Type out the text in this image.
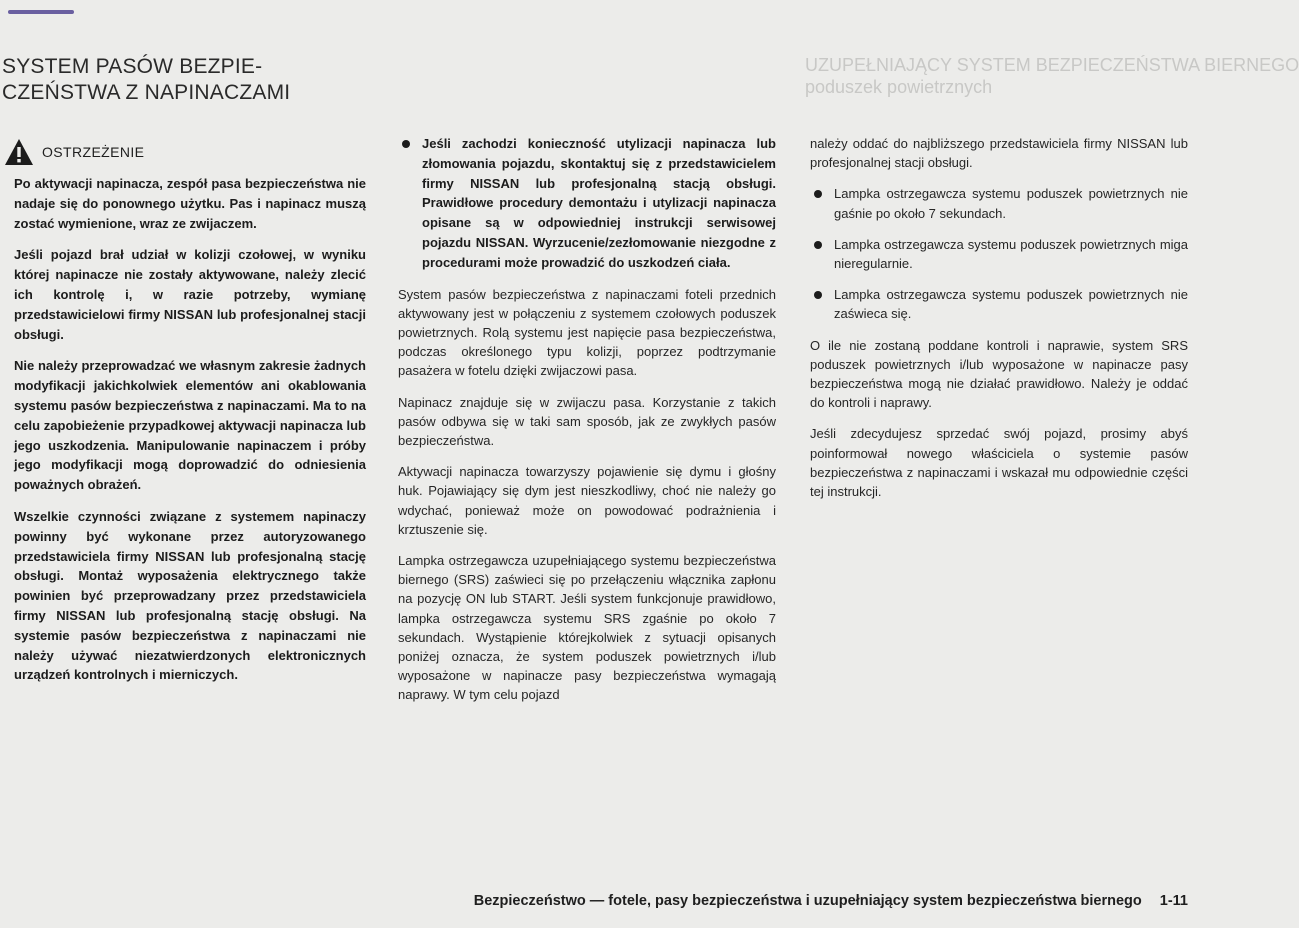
SYSTEM PASÓW BEZPIE-
CZEŃSTWA Z NAPINACZAMI
UZUPEŁNIAJĄCY SYSTEM BEZPIECZEŃSTWA BIERNEGO
poduszek powietrznych
OSTRZEŻENIE

Po aktywacji napinacza, zespół pasa bezpieczeństwa nie nadaje się do ponownego użytku. Pas i napinacz muszą zostać wymienione, wraz ze zwijaczem.

Jeśli pojazd brał udział w kolizji czołowej, w wyniku której napinacze nie zostały aktywowane, należy zlecić ich kontrolę i, w razie potrzeby, wymianę przedstawicielowi firmy NISSAN lub profesjonalnej stacji obsługi.

Nie należy przeprowadzać we własnym zakresie żadnych modyfikacji jakichkolwiek elementów ani okablowania systemu pasów bezpieczeństwa z napinaczami. Ma to na celu zapobieżenie przypadkowej aktywacji napinacza lub jego uszkodzenia. Manipulowanie napinaczem i próby jego modyfikacji mogą doprowadzić do odniesienia poważnych obrażeń.

Wszelkie czynności związane z systemem napinaczy powinny być wykonane przez autoryzowanego przedstawiciela firmy NISSAN lub profesjonalną stację obsługi. Montaż wyposażenia elektrycznego także powinien być przeprowadzany przez przedstawiciela firmy NISSAN lub profesjonalną stację obsługi. Na systemie pasów bezpieczeństwa z napinaczami nie należy używać niezatwierdzonych elektronicznych urządzeń kontrolnych i mierniczych.

Jeśli zachodzi konieczność utylizacji napinacza lub złomowania pojazdu, skontaktuj się z przedstawicielem firmy NISSAN lub profesjonalną stacją obsługi. Prawidłowe procedury demontażu i utylizacji napinacza opisane są w odpowiedniej instrukcji serwisowej pojazdu NISSAN. Wyrzucenie/zezłomowanie niezgodne z procedurami może prowadzić do uszkodzeń ciała.

System pasów bezpieczeństwa z napinaczami foteli przednich aktywowany jest w połączeniu z systemem czołowych poduszek powietrznych. Rolą systemu jest napięcie pasa bezpieczeństwa, podczas określonego typu kolizji, poprzez podtrzymanie pasażera w fotelu dzięki zwijaczowi pasa.

Napinacz znajduje się w zwijaczu pasa. Korzystanie z takich pasów odbywa się w taki sam sposób, jak ze zwykłych pasów bezpieczeństwa.

Aktywacji napinacza towarzyszy pojawienie się dymu i głośny huk. Pojawiający się dym jest nieszkodliwy, choć nie należy go wdychać, ponieważ może on powodować podrażnienia i krztuszenie się.

Lampka ostrzegawcza uzupełniającego systemu bezpieczeństwa biernego (SRS) zaświeci się po przełączeniu włącznika zapłonu na pozycję ON lub START. Jeśli system funkcjonuje prawidłowo, lampka ostrzegawcza systemu SRS zgaśnie po około 7 sekundach. Wystąpienie którejkolwiek z sytuacji opisanych poniżej oznacza, że system poduszek powietrznych i/lub wyposażone w napinacze pasy bezpieczeństwa wymagają naprawy. W tym celu pojazd

należy oddać do najbliższego przedstawiciela firmy NISSAN lub profesjonalnej stacji obsługi.

Lampka ostrzegawcza systemu poduszek powietrznych nie gaśnie po około 7 sekundach.
Lampka ostrzegawcza systemu poduszek powietrznych miga nieregularnie.
Lampka ostrzegawcza systemu poduszek powietrznych nie zaświeca się.

O ile nie zostaną poddane kontroli i naprawie, system SRS poduszek powietrznych i/lub wyposażone w napinacze pasy bezpieczeństwa mogą nie działać prawidłowo. Należy je oddać do kontroli i naprawy.

Jeśli zdecydujesz sprzedać swój pojazd, prosimy abyś poinformował nowego właściciela o systemie pasów bezpieczeństwa z napinaczami i wskazał mu odpowiednie części tej instrukcji.

Bezpieczeństwo — fotele, pasy bezpieczeństwa i uzupełniający system bezpieczeństwa biernego 1-11
